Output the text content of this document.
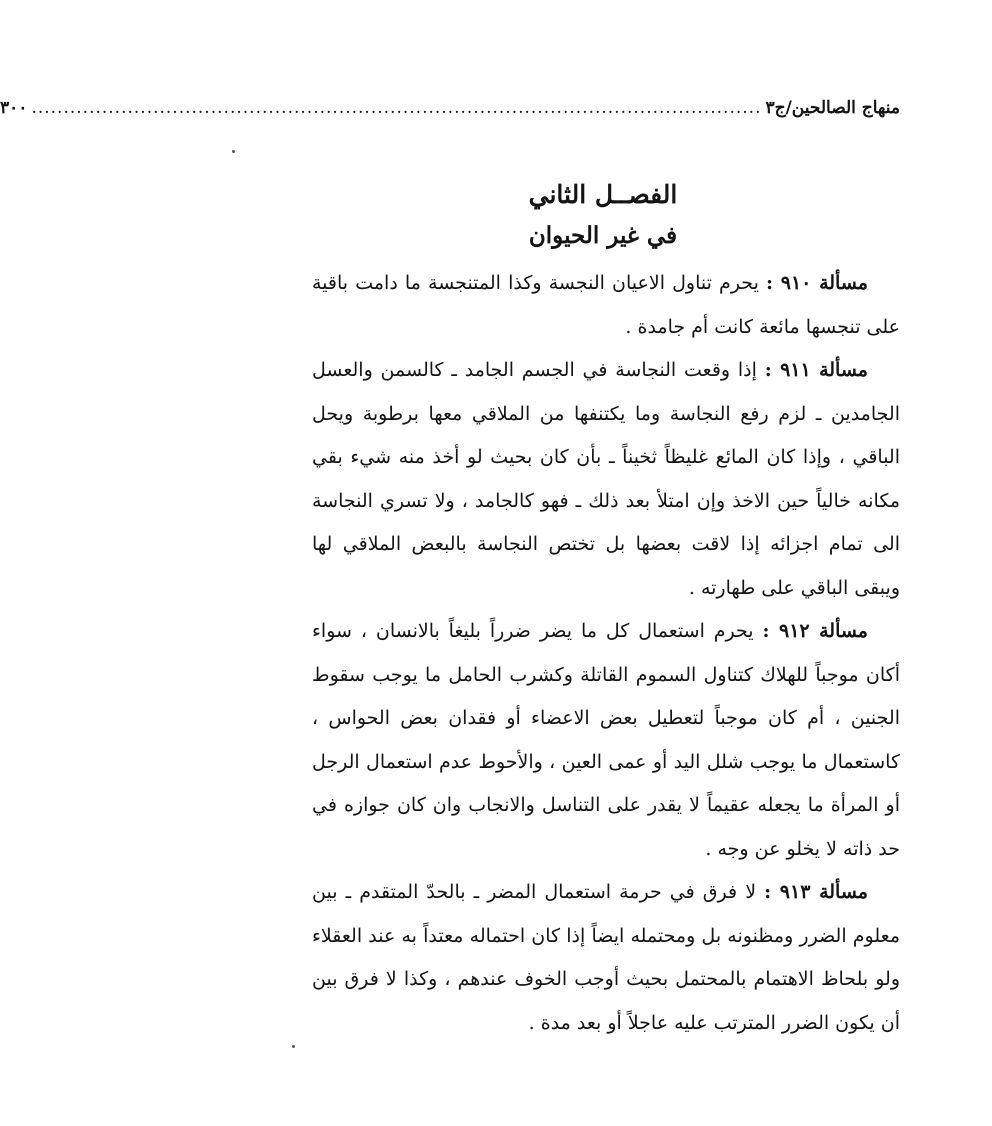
منهاج الصالحين/ج٣
..................................................................................................................
٣٠٠
الفصــل الثاني
في غير الحيوان

مسألة ٩١٠ : يحرم تناول الاعيان النجسة وكذا المتنجسة ما دامت باقية على تنجسها مائعة كانت أم جامدة .

مسألة ٩١١ : إذا وقعت النجاسة في الجسم الجامد ـ كالسمن والعسل الجامدين ـ لزم رفع النجاسة وما يكتنفها من الملاقي معها برطوبة ويحل الباقي ، وإذا كان المائع غليظاً ثخيناً ـ بأن كان بحيث لو أخذ منه شيء بقي مكانه خالياً حين الاخذ وإن امتلأ بعد ذلك ـ فهو كالجامد ، ولا تسري النجاسة الى تمام اجزائه إذا لاقت بعضها بل تختص النجاسة بالبعض الملاقي لها ويبقى الباقي على طهارته .

مسألة ٩١٢ : يحرم استعمال كل ما يضر ضرراً بليغاً بالانسان ، سواء أكان موجباً للهلاك كتناول السموم القاتلة وكشرب الحامل ما يوجب سقوط الجنين ، أم كان موجباً لتعطيل بعض الاعضاء أو فقدان بعض الحواس ، كاستعمال ما يوجب شلل اليد أو عمى العين ، والأحوط عدم استعمال الرجل أو المرأة ما يجعله عقيماً لا يقدر على التناسل والانجاب وان كان جوازه في حد ذاته لا يخلو عن وجه .

مسألة ٩١٣ : لا فرق في حرمة استعمال المضر ـ بالحدّ المتقدم ـ بين معلوم الضرر ومظنونه بل ومحتمله ايضاً إذا كان احتماله معتداً به عند العقلاء ولو بلحاظ الاهتمام بالمحتمل بحيث أوجب الخوف عندهم ، وكذا لا فرق بين أن يكون الضرر المترتب عليه عاجلاً أو بعد مدة .
